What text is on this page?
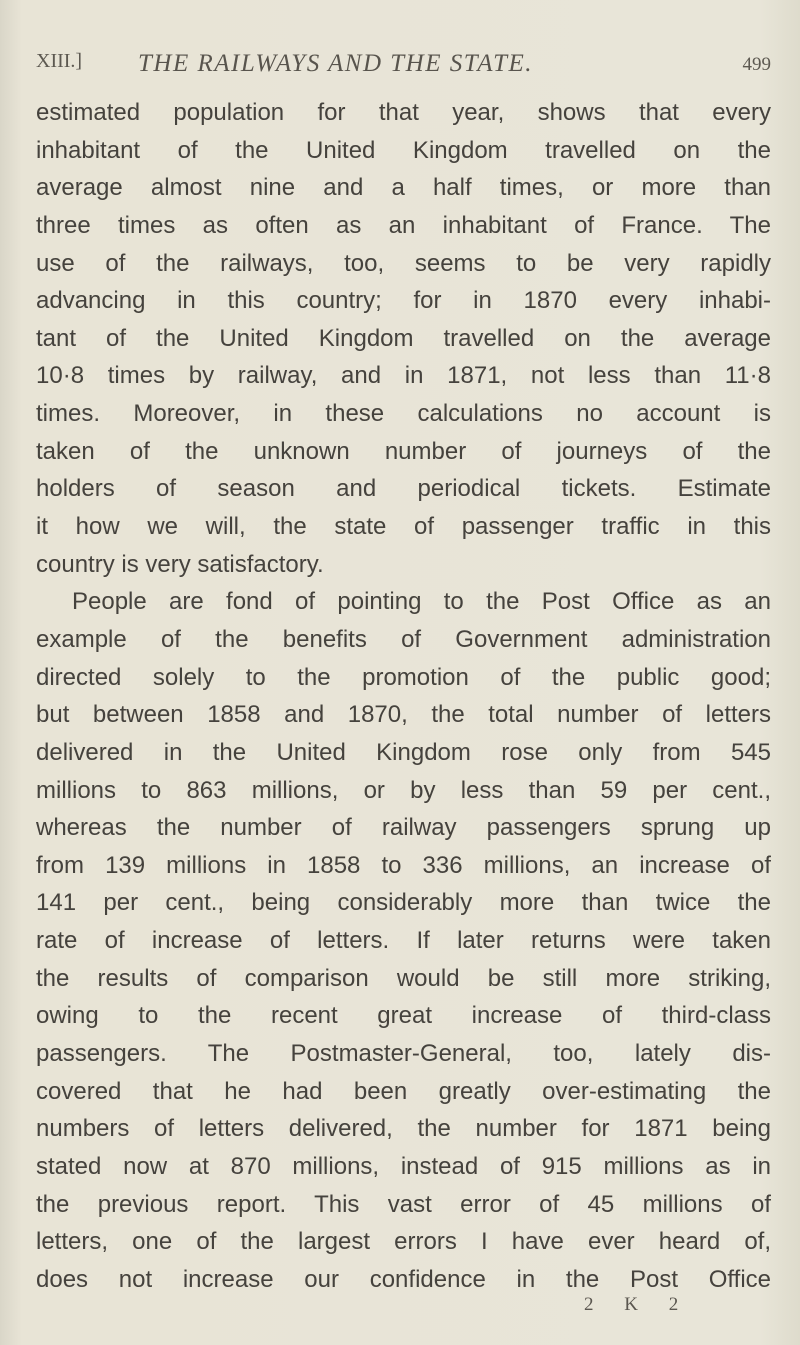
XIII.] THE RAILWAYS AND THE STATE.	499
estimated population for that year, shows that every
inhabitant of the United Kingdom travelled on the
average almost nine and a half times, or more than
three times as often as an inhabitant of France. The
use of the railways, too, seems to be very rapidly
advancing in this country; for in 1870 every inhabi-
tant of the United Kingdom travelled on the average
10·8 times by railway, and in 1871, not less than 11·8
times. Moreover, in these calculations no account is
taken of the unknown number of journeys of the
holders of season and periodical tickets. Estimate
it how we will, the state of passenger traffic in this
country is very satisfactory.
People are fond of pointing to the Post Office as an
example of the benefits of Government administration
directed solely to the promotion of the public good;
but between 1858 and 1870, the total number of letters
delivered in the United Kingdom rose only from 545
millions to 863 millions, or by less than 59 per cent.,
whereas the number of railway passengers sprung up
from 139 millions in 1858 to 336 millions, an increase of
141 per cent., being considerably more than twice the
rate of increase of letters. If later returns were taken
the results of comparison would be still more striking,
owing to the recent great increase of third-class
passengers. The Postmaster-General, too, lately dis-
covered that he had been greatly over-estimating the
numbers of letters delivered, the number for 1871 being
stated now at 870 millions, instead of 915 millions as in
the previous report. This vast error of 45 millions of
letters, one of the largest errors I have ever heard of,
does not increase our confidence in the Post Office
2 K 2
